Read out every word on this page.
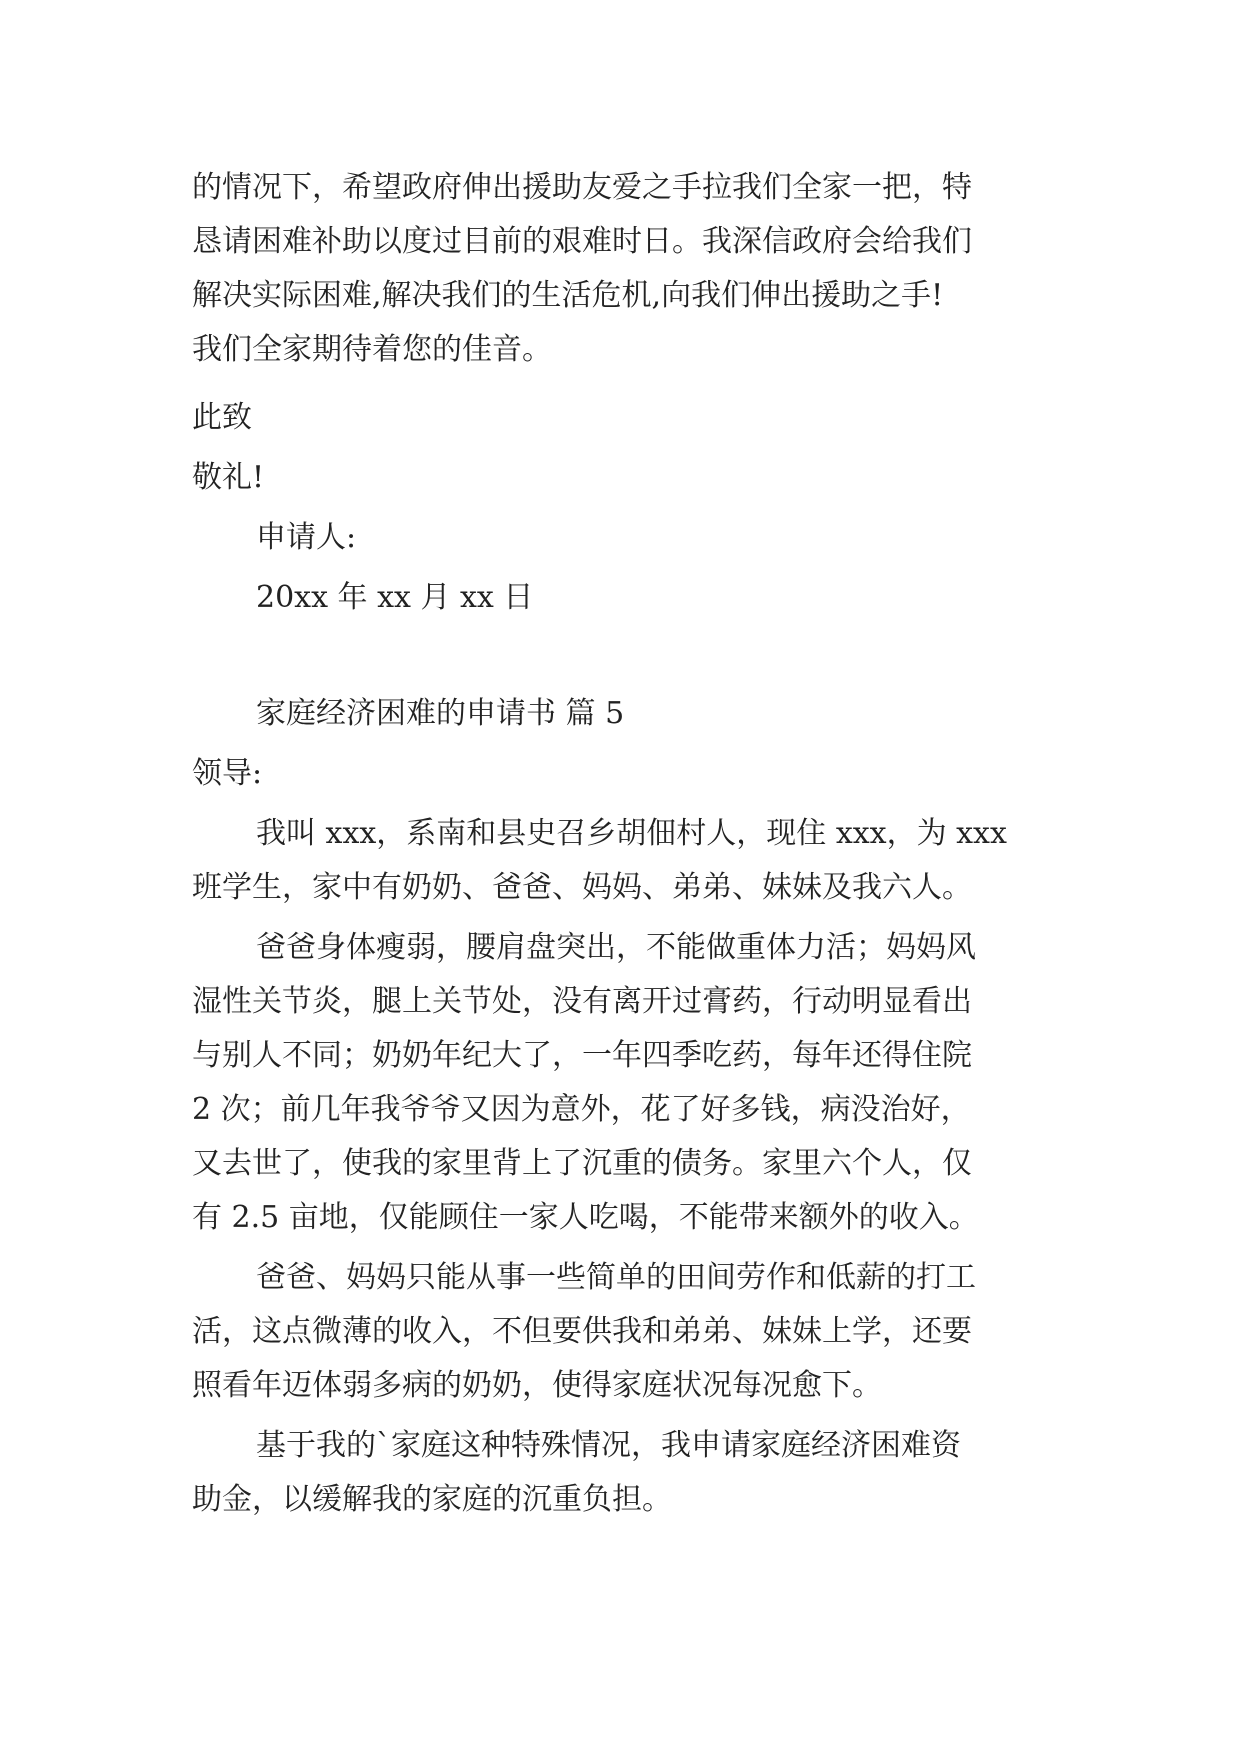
的情况下，希望政府伸出援助友爱之手拉我们全家一把，特
恳请困难补助以度过目前的艰难时日。我深信政府会给我们
解决实际困难,解决我们的生活危机,向我们伸出援助之手!
我们全家期待着您的佳音。
此致
敬礼!
申请人:
20xx 年 xx 月 xx 日
家庭经济困难的申请书 篇 5
领导:
我叫 xxx，系南和县史召乡胡佃村人，现住 xxx，为 xxx
班学生，家中有奶奶、爸爸、妈妈、弟弟、妹妹及我六人。
爸爸身体瘦弱，腰肩盘突出，不能做重体力活；妈妈风
湿性关节炎，腿上关节处，没有离开过膏药，行动明显看出
与别人不同；奶奶年纪大了，一年四季吃药，每年还得住院
2 次；前几年我爷爷又因为意外，花了好多钱，病没治好，
又去世了，使我的家里背上了沉重的债务。家里六个人，仅
有 2.5 亩地，仅能顾住一家人吃喝，不能带来额外的收入。
爸爸、妈妈只能从事一些简单的田间劳作和低薪的打工
活，这点微薄的收入，不但要供我和弟弟、妹妹上学，还要
照看年迈体弱多病的奶奶，使得家庭状况每况愈下。
基于我的`家庭这种特殊情况，我申请家庭经济困难资
助金，以缓解我的家庭的沉重负担。
